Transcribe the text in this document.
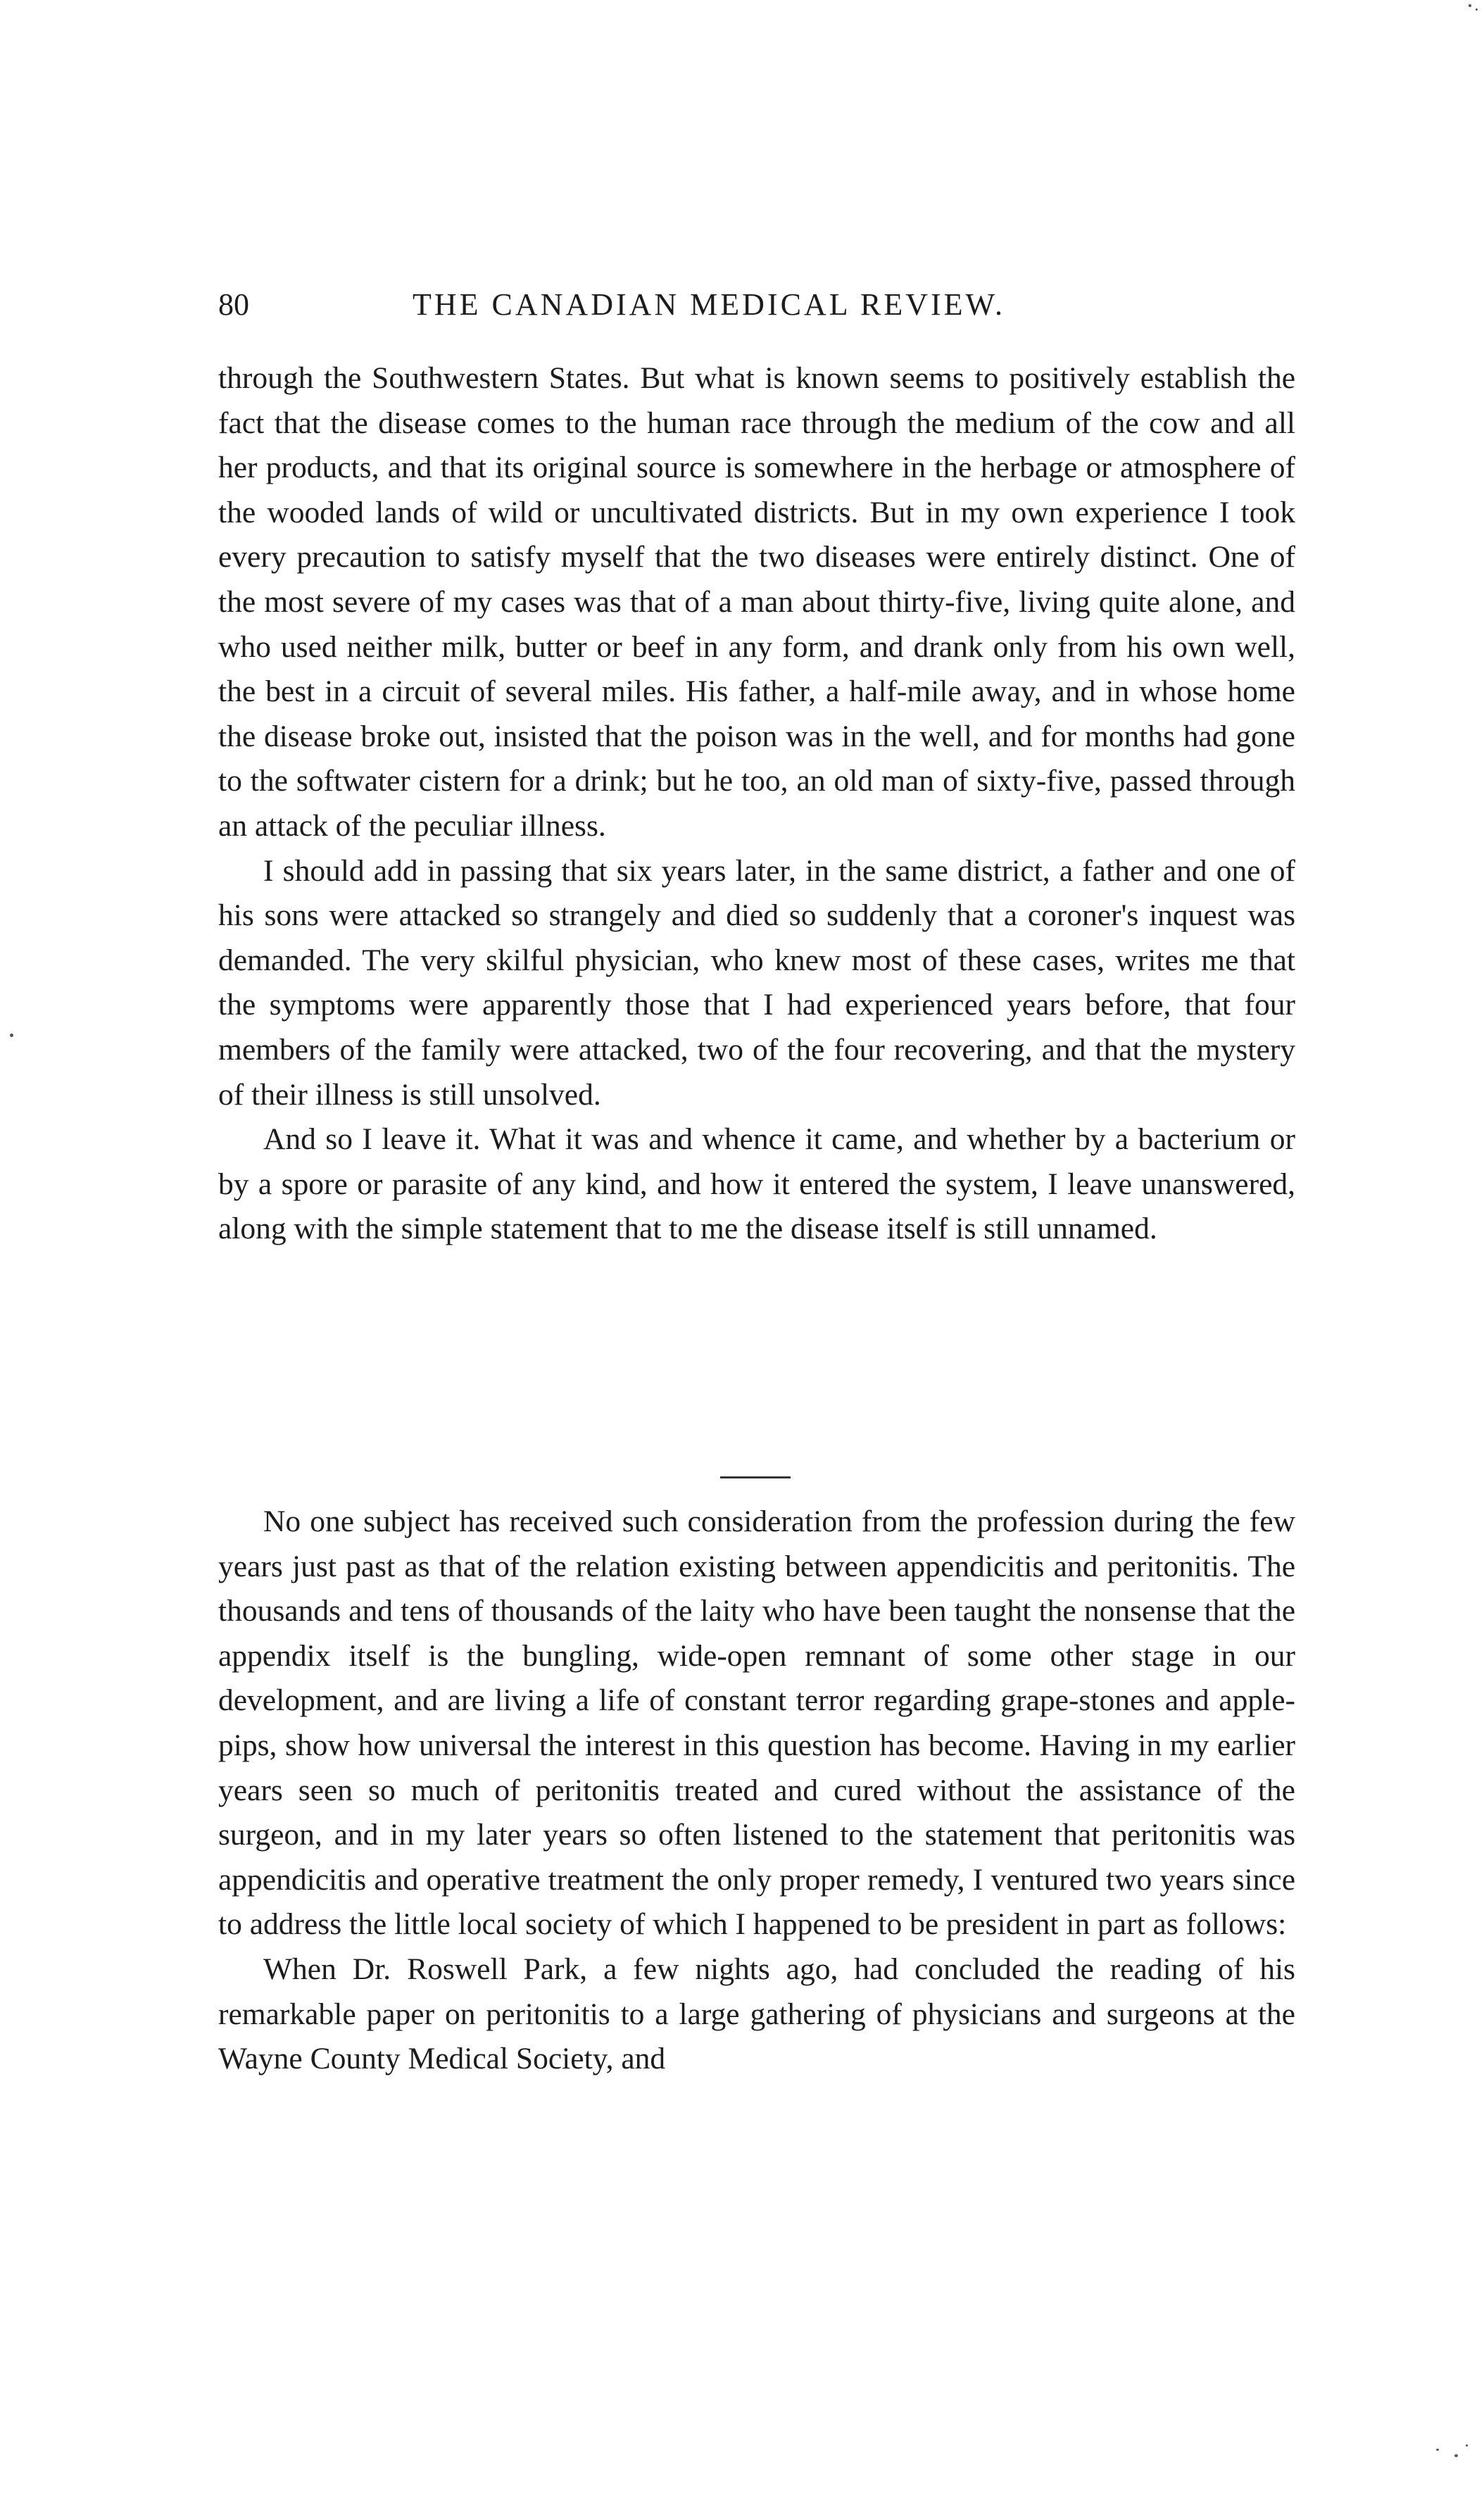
80	THE CANADIAN MEDICAL REVIEW.

through the Southwestern States. But what is known seems to positively establish the fact that the disease comes to the human race through the medium of the cow and all her products, and that its original source is somewhere in the herbage or atmosphere of the wooded lands of wild or uncultivated districts. But in my own experience I took every precaution to satisfy myself that the two diseases were entirely distinct. One of the most severe of my cases was that of a man about thirty-five, living quite alone, and who used neither milk, butter or beef in any form, and drank only from his own well, the best in a circuit of several miles. His father, a half-mile away, and in whose home the disease broke out, insisted that the poison was in the well, and for months had gone to the softwater cistern for a drink; but he too, an old man of sixty-five, passed through an attack of the peculiar illness.

I should add in passing that six years later, in the same district, a father and one of his sons were attacked so strangely and died so suddenly that a coroner's inquest was demanded. The very skilful physician, who knew most of these cases, writes me that the symptoms were apparently those that I had experienced years before, that four members of the family were attacked, two of the four recovering, and that the mystery of their illness is still unsolved.

And so I leave it. What it was and whence it came, and whether by a bacterium or by a spore or parasite of any kind, and how it entered the system, I leave unanswered, along with the simple statement that to me the disease itself is still unnamed.

No one subject has received such consideration from the profession during the few years just past as that of the relation existing between appendicitis and peritonitis. The thousands and tens of thousands of the laity who have been taught the nonsense that the appendix itself is the bungling, wide-open remnant of some other stage in our development, and are living a life of constant terror regarding grape-stones and apple-pips, show how universal the interest in this question has become. Having in my earlier years seen so much of peritonitis treated and cured without the assistance of the surgeon, and in my later years so often listened to the statement that peritonitis was appendicitis and operative treatment the only proper remedy, I ventured two years since to address the little local society of which I happened to be president in part as follows:

When Dr. Roswell Park, a few nights ago, had concluded the reading of his remarkable paper on peritonitis to a large gathering of physicians and surgeons at the Wayne County Medical Society, and
